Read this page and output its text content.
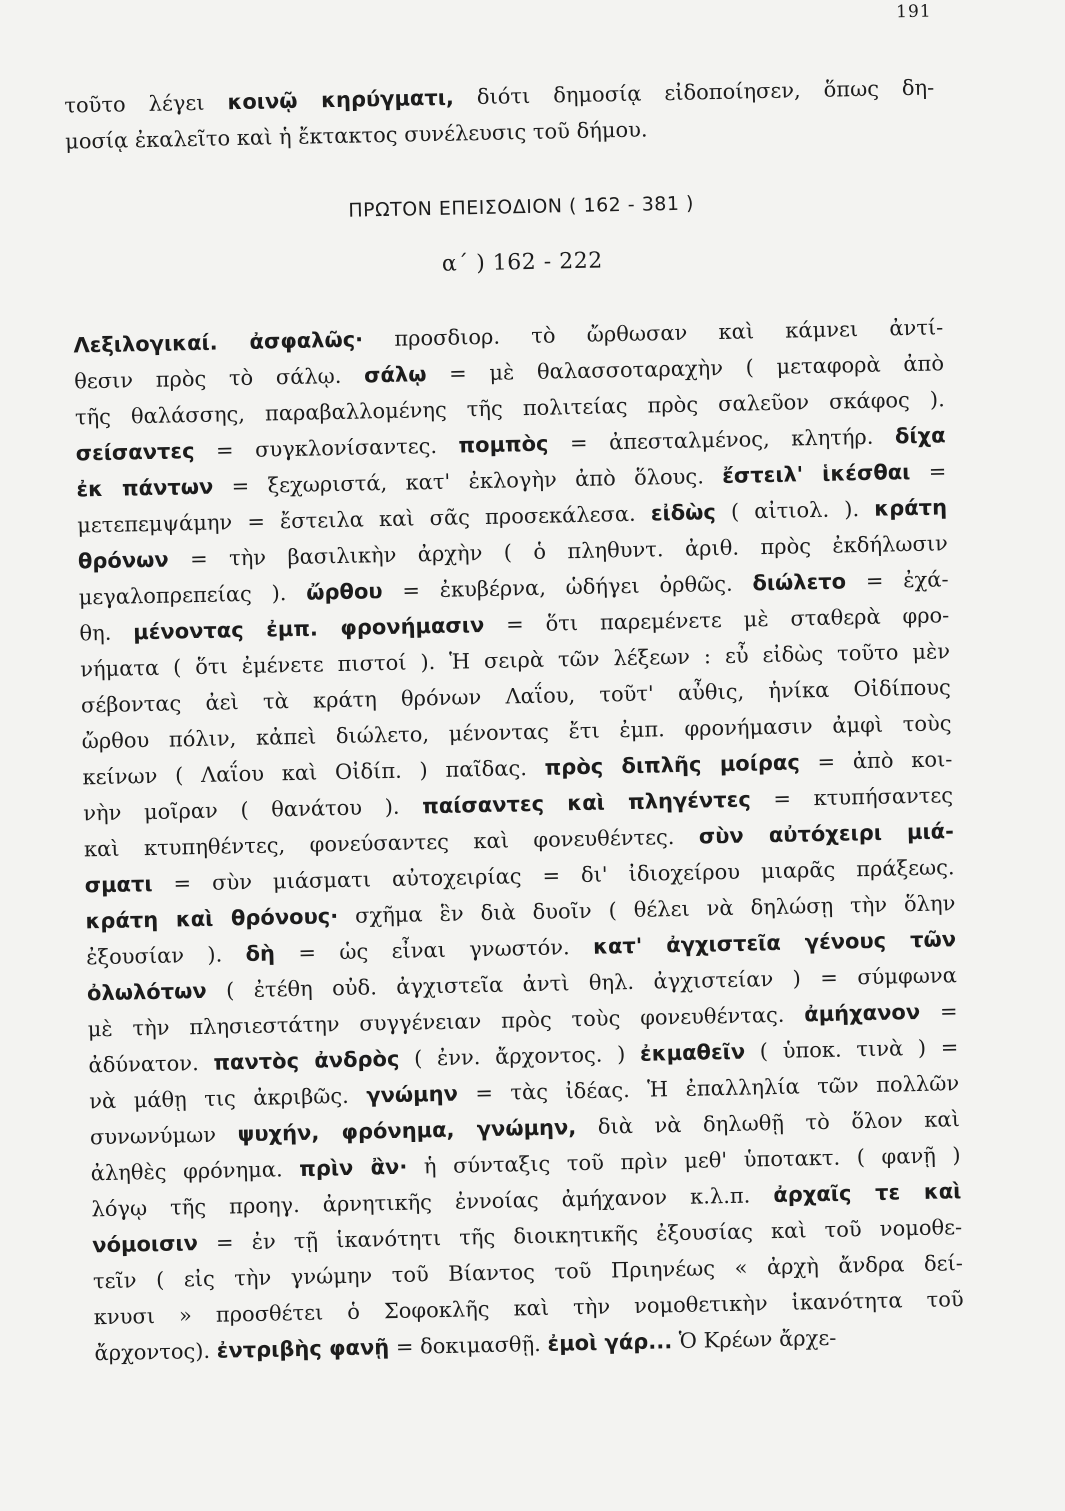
191
τοῦτο λέγει κοινῷ κηρύγματι, διότι δημοσίᾳ εἰδοποίησεν, ὅπως δη-
μοσίᾳ ἐκαλεῖτο καὶ ἡ ἔκτακτος συνέλευσις τοῦ δήμου.
ΠΡΩΤΟΝ ΕΠΕΙΣΟΔΙΟΝ ( 162 - 381 )
α΄ ) 162 - 222
Λεξιλογικαί. ἀσφαλῶς· προσδιορ. τὸ ὤρθωσαν καὶ κάμνει ἀντί-
θεσιν πρὸς τὸ σάλῳ. σάλῳ = μὲ θαλασσοταραχὴν ( μεταφορὰ ἀπὸ
τῆς θαλάσσης, παραβαλλομένης τῆς πολιτείας πρὸς σαλεῦον σκάφος ).
σείσαντες = συγκλονίσαντες. πομπὸς = ἀπεσταλμένος, κλητήρ. δίχα
ἐκ πάντων = ξεχωριστά, κατ' ἐκλογὴν ἀπὸ ὅλους. ἔστειλ' ἱκέσθαι =
μετεπεμψάμην = ἔστειλα καὶ σᾶς προσεκάλεσα. εἰδὼς ( αἰτιολ. ). κράτη
θρόνων = τὴν βασιλικὴν ἀρχὴν ( ὁ πληθυντ. ἀριθ. πρὸς ἐκδήλωσιν
μεγαλοπρεπείας ). ὤρθου = ἐκυβέρνα, ὡδήγει ὀρθῶς. διώλετο = ἐχά-
θη. μένοντας ἐμπ. φρονήμασιν = ὅτι παρεμένετε μὲ σταθερὰ φρο-
νήματα ( ὅτι ἐμένετε πιστοί ). Ἡ σειρὰ τῶν λέξεων : εὖ εἰδὼς τοῦτο μὲν
σέβοντας ἀεὶ τὰ κράτη θρόνων Λαΐου, τοῦτ' αὖθις, ἡνίκα Οἰδίπους
ὤρθου πόλιν, κἀπεὶ διώλετο, μένοντας ἔτι ἐμπ. φρονήμασιν ἀμφὶ τοὺς
κείνων ( Λαΐου καὶ Οἰδίπ. ) παῖδας. πρὸς διπλῆς μοίρας = ἀπὸ κοι-
νὴν μοῖραν ( θανάτου ). παίσαντες καὶ πληγέντες = κτυπήσαντες
καὶ κτυπηθέντες, φονεύσαντες καὶ φονευθέντες. σὺν αὐτόχειρι μιά-
σματι = σὺν μιάσματι αὐτοχειρίας = δι' ἰδιοχείρου μιαρᾶς πράξεως.
κράτη καὶ θρόνους· σχῆμα ἓν διὰ δυοῖν ( θέλει νὰ δηλώσῃ τὴν ὅλην
ἐξουσίαν ). δὴ = ὡς εἶναι γνωστόν. κατ' ἀγχιστεῖα γένους τῶν
ὀλωλότων ( ἐτέθη οὐδ. ἀγχιστεῖα ἀντὶ θηλ. ἀγχιστείαν ) = σύμφωνα
μὲ τὴν πλησιεστάτην συγγένειαν πρὸς τοὺς φονευθέντας. ἀμήχανον =
ἀδύνατον. παντὸς ἀνδρὸς ( ἐνν. ἄρχοντος. ) ἐκμαθεῖν ( ὑποκ. τινὰ ) =
νὰ μάθῃ τις ἀκριβῶς. γνώμην = τὰς ἰδέας. Ἡ ἐπαλληλία τῶν πολλῶν
συνωνύμων ψυχήν, φρόνημα, γνώμην, διὰ νὰ δηλωθῇ τὸ ὅλον καὶ
ἀληθὲς φρόνημα. πρὶν ἂν· ἡ σύνταξις τοῦ πρὶν μεθ' ὑποτακτ. ( φανῇ )
λόγῳ τῆς προηγ. ἀρνητικῆς ἐννοίας ἀμήχανον κ.λ.π. ἀρχαῖς τε καὶ
νόμοισιν = ἐν τῇ ἱκανότητι τῆς διοικητικῆς ἐξουσίας καὶ τοῦ νομοθε-
τεῖν ( εἰς τὴν γνώμην τοῦ Βίαντος τοῦ Πριηνέως « ἀρχὴ ἄνδρα δεί-
κνυσι » προσθέτει ὁ Σοφοκλῆς καὶ τὴν νομοθετικὴν ἱκανότητα τοῦ
ἄρχοντος). ἐντριβὴς φανῇ = δοκιμασθῇ. ἐμοὶ γάρ... Ὁ Κρέων ἄρχε-
